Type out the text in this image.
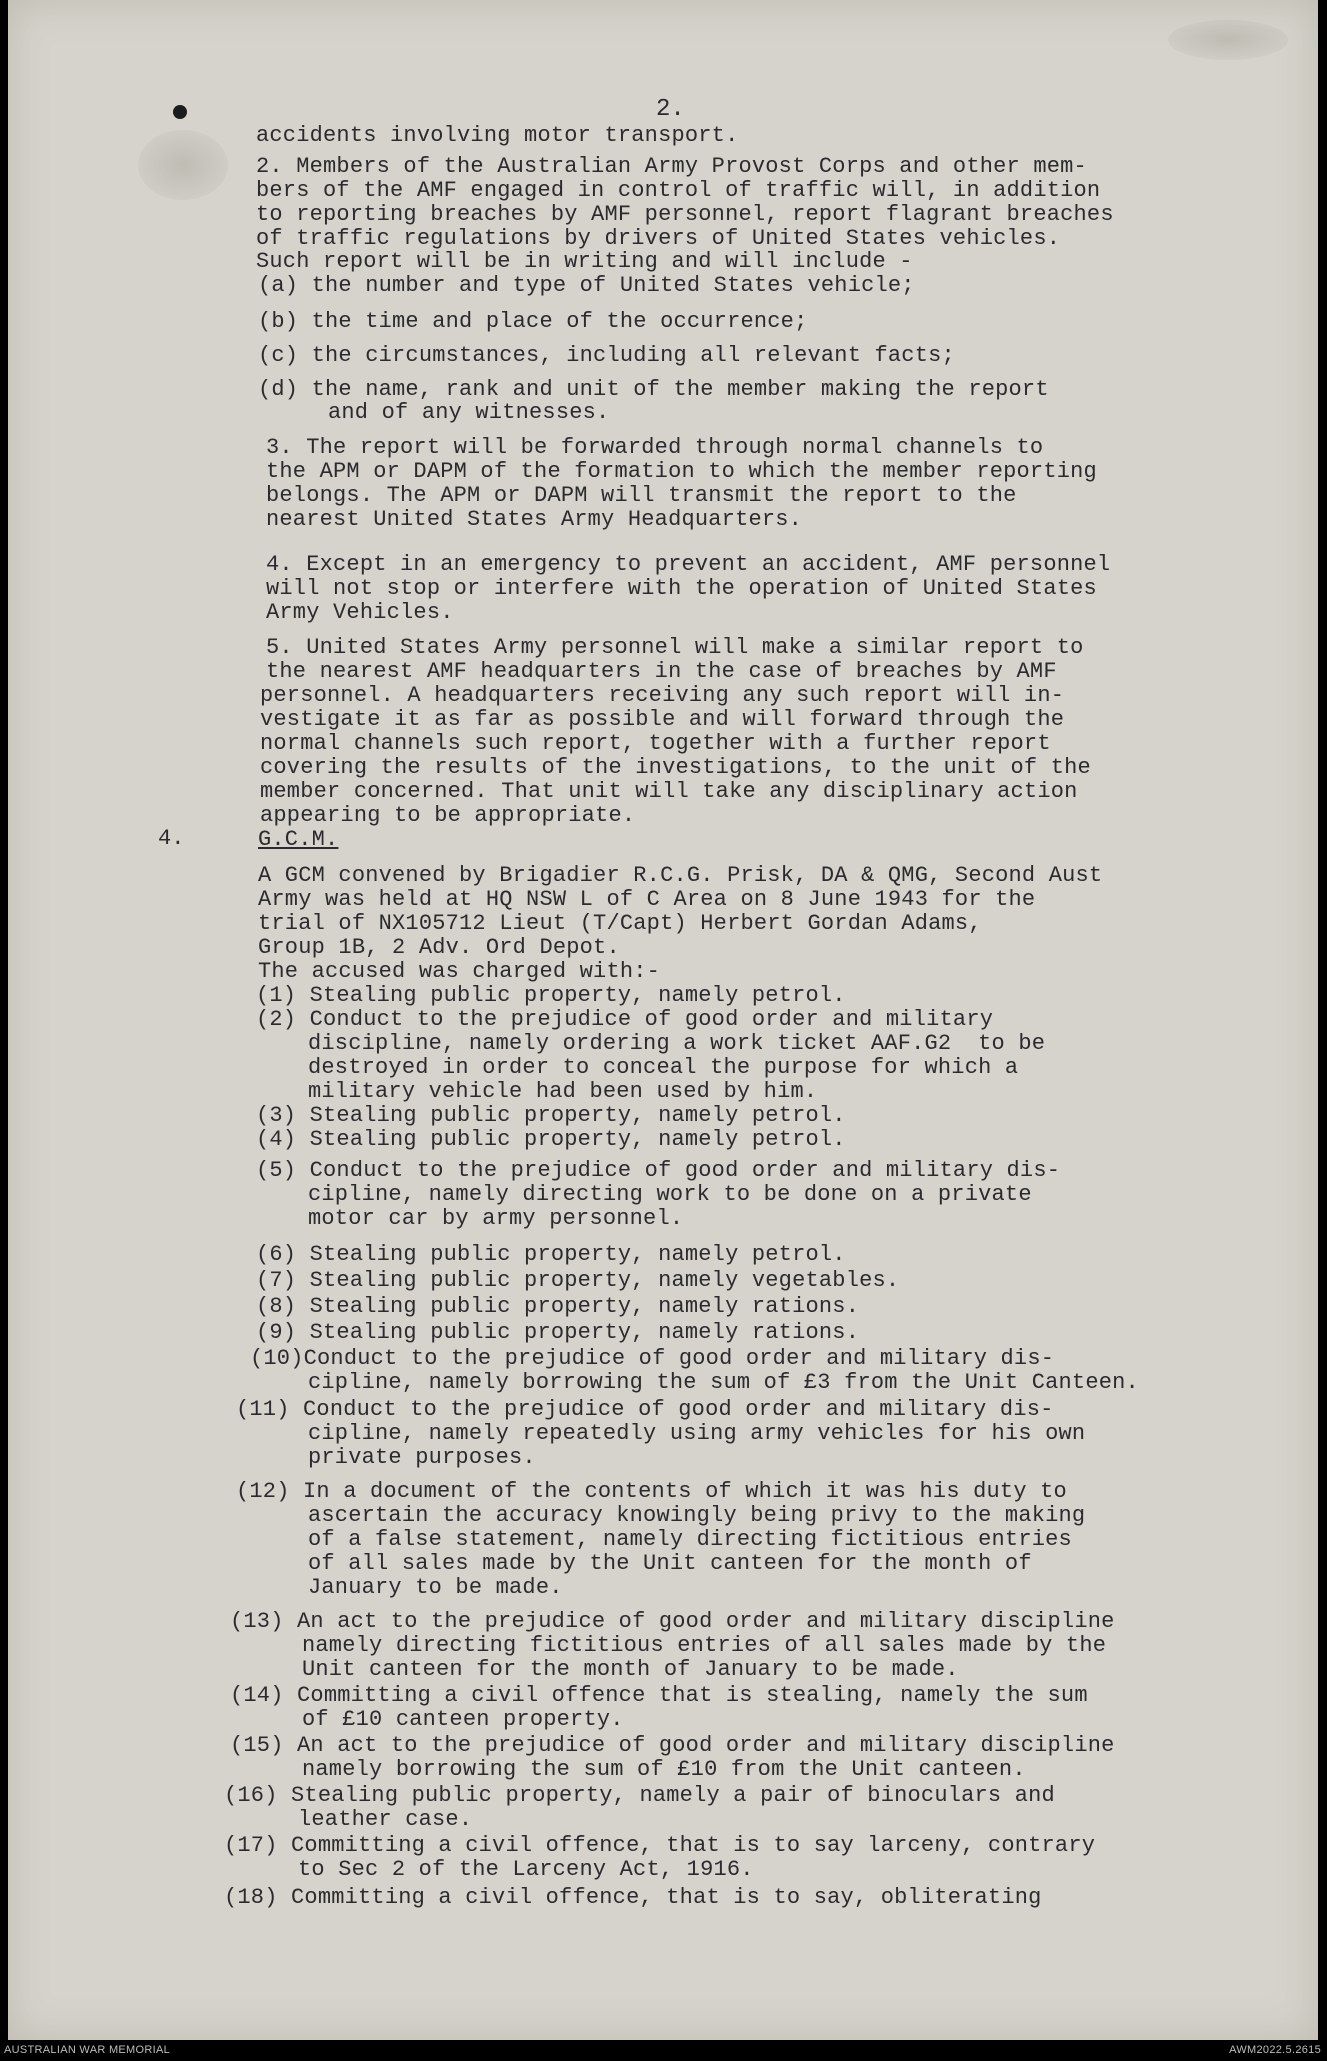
2.
4.
accidents involving motor transport.
2. Members of the Australian Army Provost Corps and other mem-
bers of the AMF engaged in control of traffic will, in addition
to reporting breaches by AMF personnel, report flagrant breaches
of traffic regulations by drivers of United States vehicles.
Such report will be in writing and will include -
(a) the number and type of United States vehicle;
(b) the time and place of the occurrence;
(c) the circumstances, including all relevant facts;
(d) the name, rank and unit of the member making the report
and of any witnesses.
3. The report will be forwarded through normal channels to
the APM or DAPM of the formation to which the member reporting
belongs. The APM or DAPM will transmit the report to the
nearest United States Army Headquarters.
4. Except in an emergency to prevent an accident, AMF personnel
will not stop or interfere with the operation of United States
Army Vehicles.
5. United States Army personnel will make a similar report to
the nearest AMF headquarters in the case of breaches by AMF
personnel. A headquarters receiving any such report will in-
vestigate it as far as possible and will forward through the
normal channels such report, together with a further report
covering the results of the investigations, to the unit of the
member concerned. That unit will take any disciplinary action
appearing to be appropriate.
G.C.M.
A GCM convened by Brigadier R.C.G. Prisk, DA & QMG, Second Aust
Army was held at HQ NSW L of C Area on 8 June 1943 for the
trial of NX105712 Lieut (T/Capt) Herbert Gordan Adams,
Group 1B, 2 Adv. Ord Depot.
The accused was charged with:-
(1) Stealing public property, namely petrol.
(2) Conduct to the prejudice of good order and military
discipline, namely ordering a work ticket AAF.G2  to be
destroyed in order to conceal the purpose for which a
military vehicle had been used by him.
(3) Stealing public property, namely petrol.
(4) Stealing public property, namely petrol.
(5) Conduct to the prejudice of good order and military dis-
cipline, namely directing work to be done on a private
motor car by army personnel.
(6) Stealing public property, namely petrol.
(7) Stealing public property, namely vegetables.
(8) Stealing public property, namely rations.
(9) Stealing public property, namely rations.
(10)Conduct to the prejudice of good order and military dis-
cipline, namely borrowing the sum of £3 from the Unit Canteen.
(11) Conduct to the prejudice of good order and military dis-
cipline, namely repeatedly using army vehicles for his own
private purposes.
(12) In a document of the contents of which it was his duty to
ascertain the accuracy knowingly being privy to the making
of a false statement, namely directing fictitious entries
of all sales made by the Unit canteen for the month of
January to be made.
(13) An act to the prejudice of good order and military discipline
namely directing fictitious entries of all sales made by the
Unit canteen for the month of January to be made.
(14) Committing a civil offence that is stealing, namely the sum
of £10 canteen property.
(15) An act to the prejudice of good order and military discipline
namely borrowing the sum of £10 from the Unit canteen.
(16) Stealing public property, namely a pair of binoculars and
leather case.
(17) Committing a civil offence, that is to say larceny, contrary
to Sec 2 of the Larceny Act, 1916.
(18) Committing a civil offence, that is to say, obliterating
AUSTRALIAN WAR MEMORIAL	AWM2022.5.2615
